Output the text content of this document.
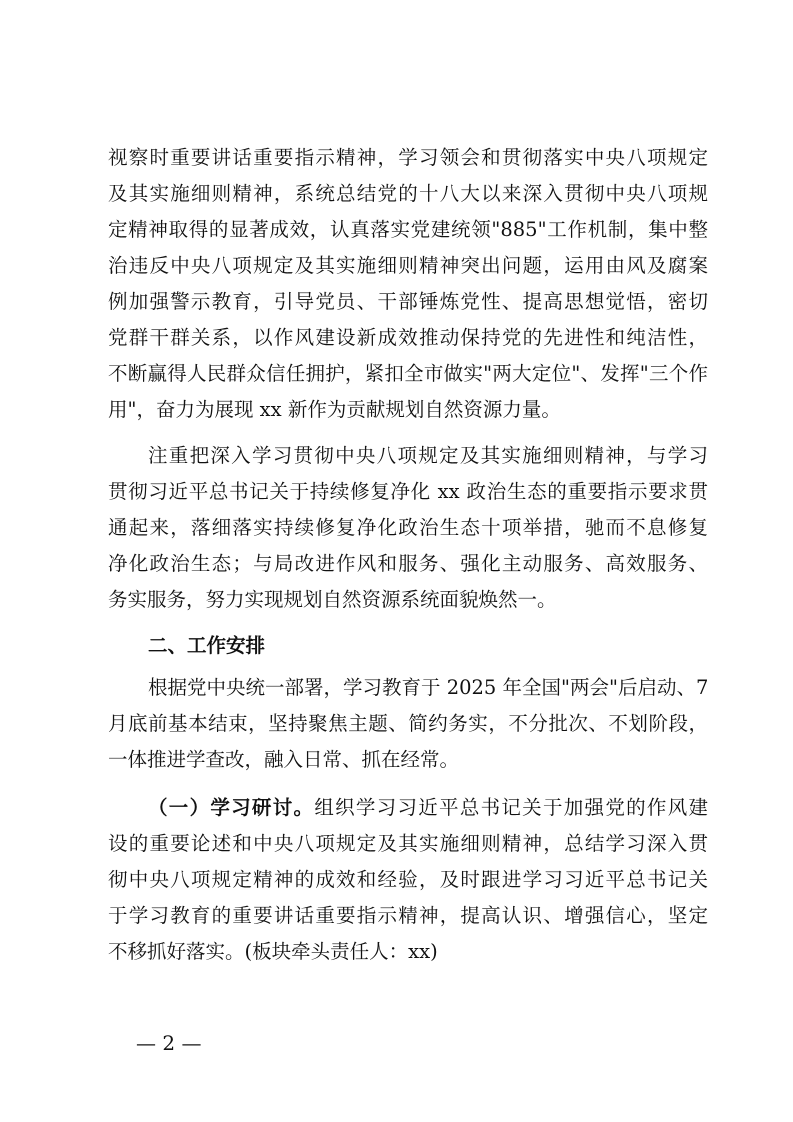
视察时重要讲话重要指示精神，学习领会和贯彻落实中央八项规定
及其实施细则精神，系统总结党的十八大以来深入贯彻中央八项规
定精神取得的显著成效，认真落实党建统领"885"工作机制，集中整
治违反中央八项规定及其实施细则精神突出问题，运用由风及腐案
例加强警示教育，引导党员、干部锤炼党性、提高思想觉悟，密切
党群干群关系，以作风建设新成效推动保持党的先进性和纯洁性，
不断赢得人民群众信任拥护，紧扣全市做实"两大定位"、发挥"三个作
用"，奋力为展现 xx 新作为贡献规划自然资源力量。
注重把深入学习贯彻中央八项规定及其实施细则精神，与学习
贯彻习近平总书记关于持续修复净化 xx 政治生态的重要指示要求贯
通起来，落细落实持续修复净化政治生态十项举措，驰而不息修复
净化政治生态；与局改进作风和服务、强化主动服务、高效服务、
务实服务，努力实现规划自然资源系统面貌焕然一。
二、工作安排
根据党中央统一部署，学习教育于 2025 年全国"两会"后启动、7
月底前基本结束，坚持聚焦主题、简约务实，不分批次、不划阶段，
一体推进学查改，融入日常、抓在经常。
（一）学习研讨。组织学习习近平总书记关于加强党的作风建
设的重要论述和中央八项规定及其实施细则精神，总结学习深入贯
彻中央八项规定精神的成效和经验，及时跟进学习习近平总书记关
于学习教育的重要讲话重要指示精神，提高认识、增强信心，坚定
不移抓好落实。(板块牵头责任人：xx)
— 2 —
